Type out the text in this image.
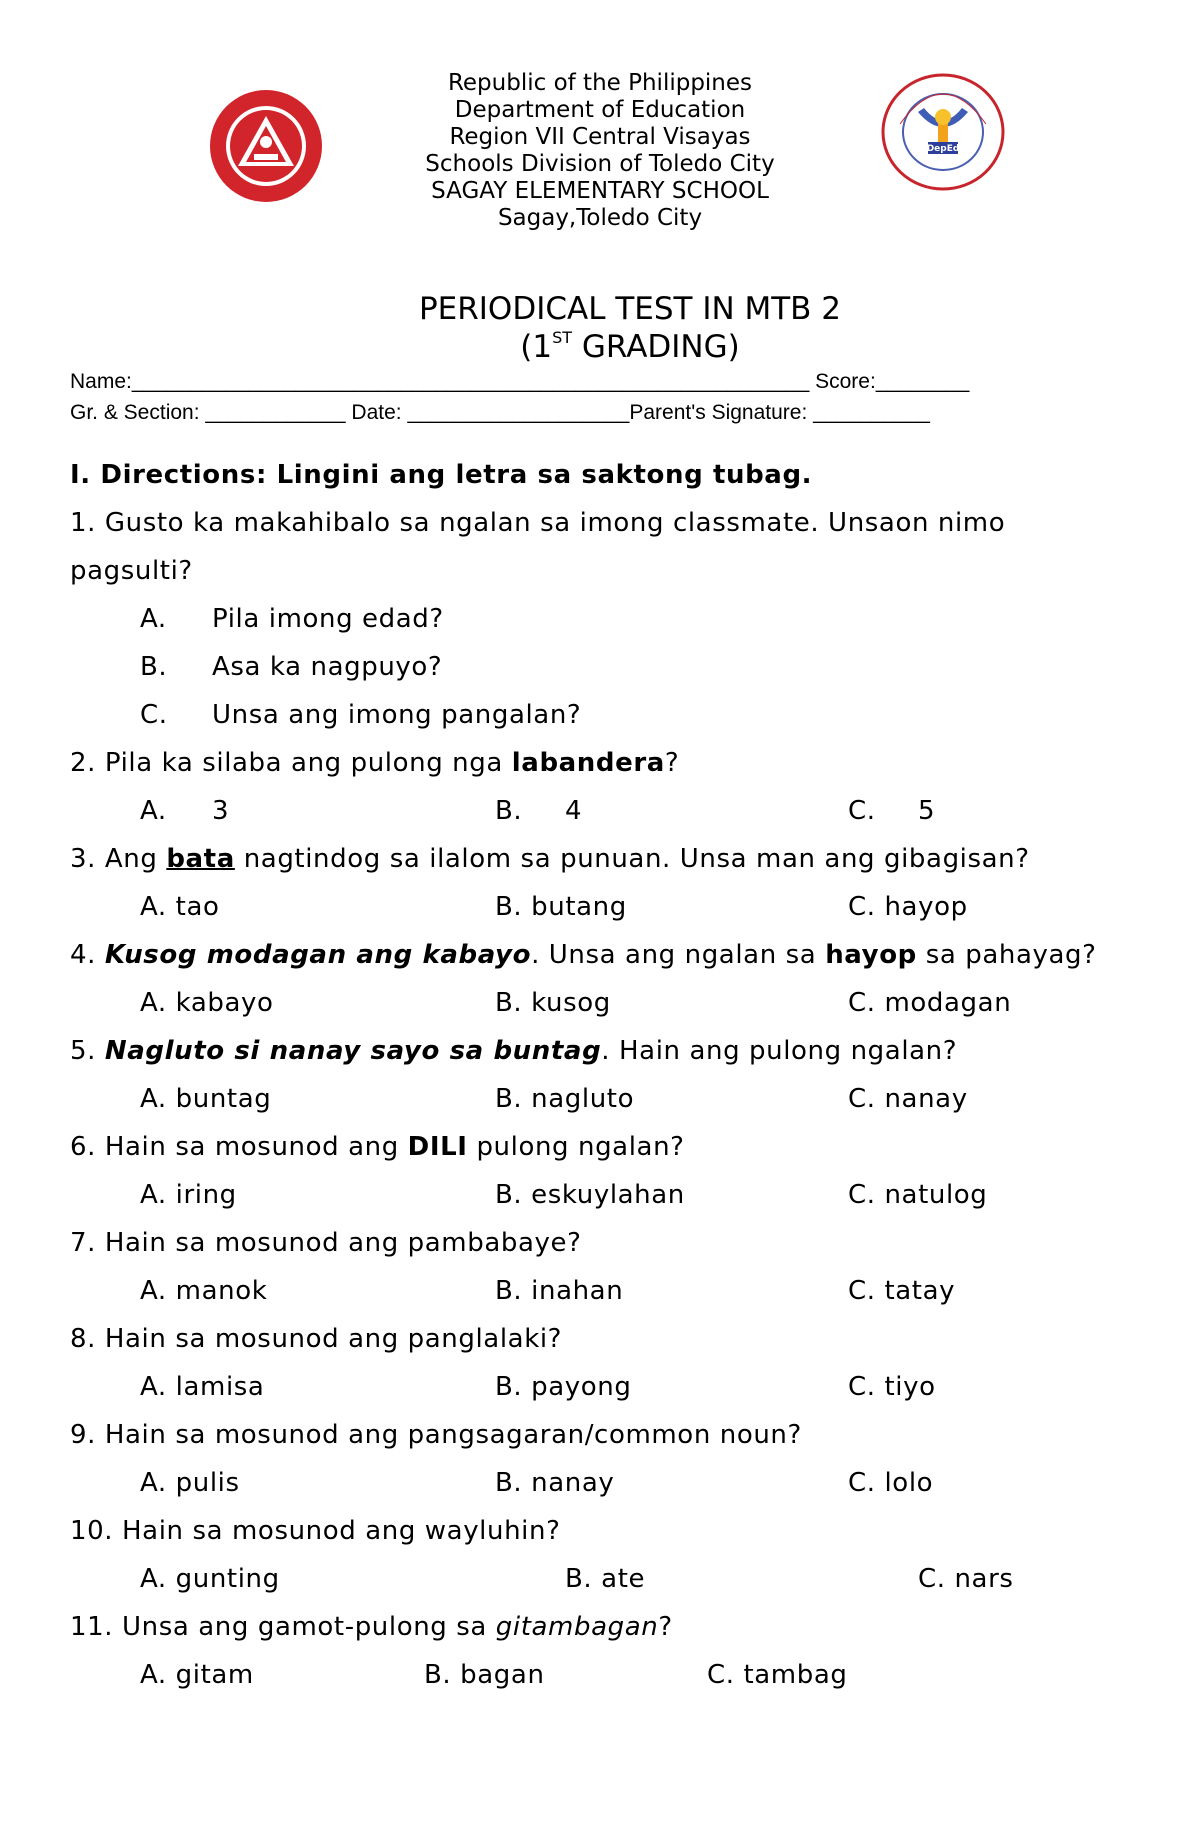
DepEd
Republic of the Philippines
Department of Education
Region VII Central Visayas
Schools Division of Toledo City
SAGAY ELEMENTARY SCHOOL
Sagay,Toledo City
PERIODICAL TEST IN MTB 2
(1ST GRADING)
Name:__________________________________________________________ Score:________
Gr. & Section: ____________ Date: ___________________Parent's Signature: __________
I. Directions: Lingini ang letra sa saktong tubag.
1. Gusto ka makahibalo sa ngalan sa imong classmate. Unsaon nimo
pagsulti?
A. Pila imong edad?
B. Asa ka nagpuyo?
C. Unsa ang imong pangalan?
2. Pila ka silaba ang pulong nga labandera?
A. 3	B. 4	C. 5
3. Ang bata nagtindog sa ilalom sa punuan. Unsa man ang gibagisan?
A. tao	B. butang	C. hayop
4. Kusog modagan ang kabayo. Unsa ang ngalan sa hayop sa pahayag?
A. kabayo	B. kusog	C. modagan
5. Nagluto si nanay sayo sa buntag. Hain ang pulong ngalan?
A. buntag	B. nagluto	C. nanay
6. Hain sa mosunod ang DILI pulong ngalan?
A. iring	B. eskuylahan	C. natulog
7. Hain sa mosunod ang pambabaye?
A. manok	B. inahan	C. tatay
8. Hain sa mosunod ang panglalaki?
A. lamisa	B. payong	C. tiyo
9. Hain sa mosunod ang pangsagaran/common noun?
A. pulis	B. nanay	C. lolo
10. Hain sa mosunod ang wayluhin?
A. gunting	B. ate	C. nars
11. Unsa ang gamot-pulong sa gitambagan?
A. gitam	B. bagan	C. tambag
